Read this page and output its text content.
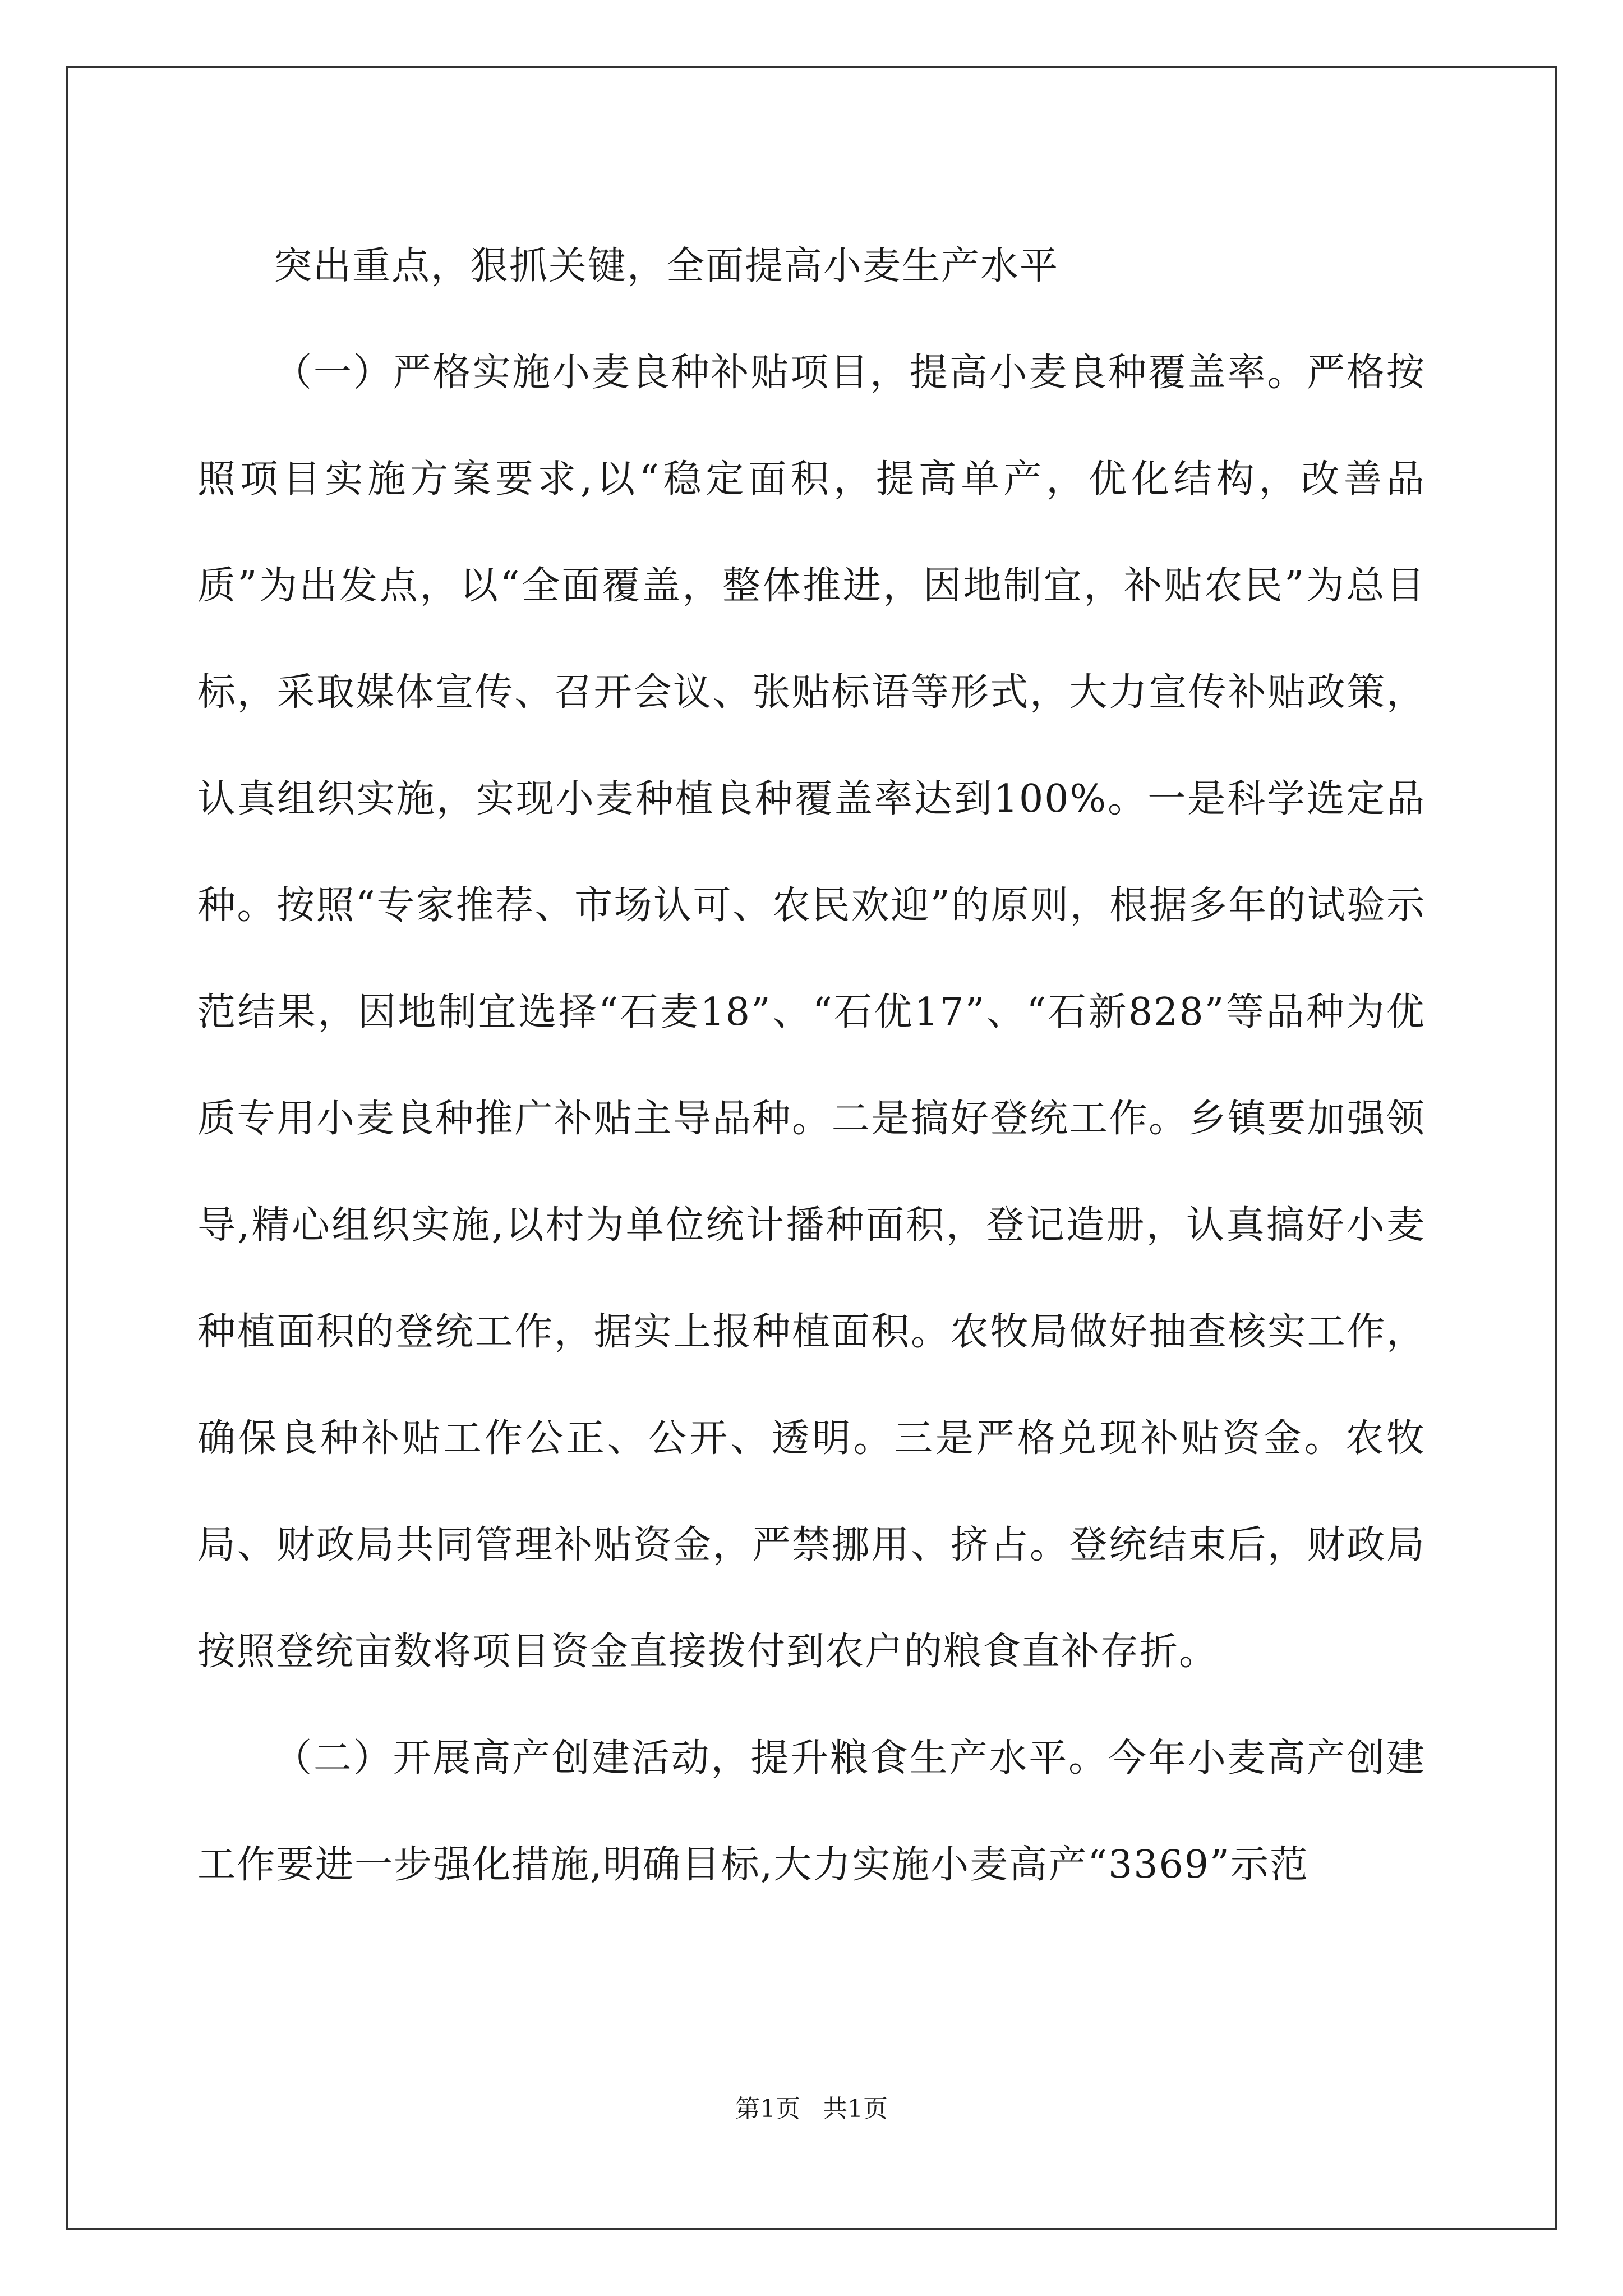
突出重点，狠抓关键，全面提高小麦生产水平

（一）严格实施小麦良种补贴项目，提高小麦良种覆盖率。严格按照项目实施方案要求,以“稳定面积，提高单产，优化结构，改善品质”为出发点，以“全面覆盖，整体推进，因地制宜，补贴农民”为总目标，采取媒体宣传、召开会议、张贴标语等形式，大力宣传补贴政策，认真组织实施，实现小麦种植良种覆盖率达到100%。一是科学选定品种。按照“专家推荐、市场认可、农民欢迎”的原则，根据多年的试验示范结果，因地制宜选择“石麦18”、“石优17”、“石新828”等品种为优质专用小麦良种推广补贴主导品种。二是搞好登统工作。乡镇要加强领导,精心组织实施,以村为单位统计播种面积，登记造册，认真搞好小麦种植面积的登统工作，据实上报种植面积。农牧局做好抽查核实工作，确保良种补贴工作公正、公开、透明。三是严格兑现补贴资金。农牧局、财政局共同管理补贴资金，严禁挪用、挤占。登统结束后，财政局按照登统亩数将项目资金直接拨付到农户的粮食直补存折。

（二）开展高产创建活动，提升粮食生产水平。今年小麦高产创建工作要进一步强化措施,明确目标,大力实施小麦高产“3369”示范

第1页 共1页
